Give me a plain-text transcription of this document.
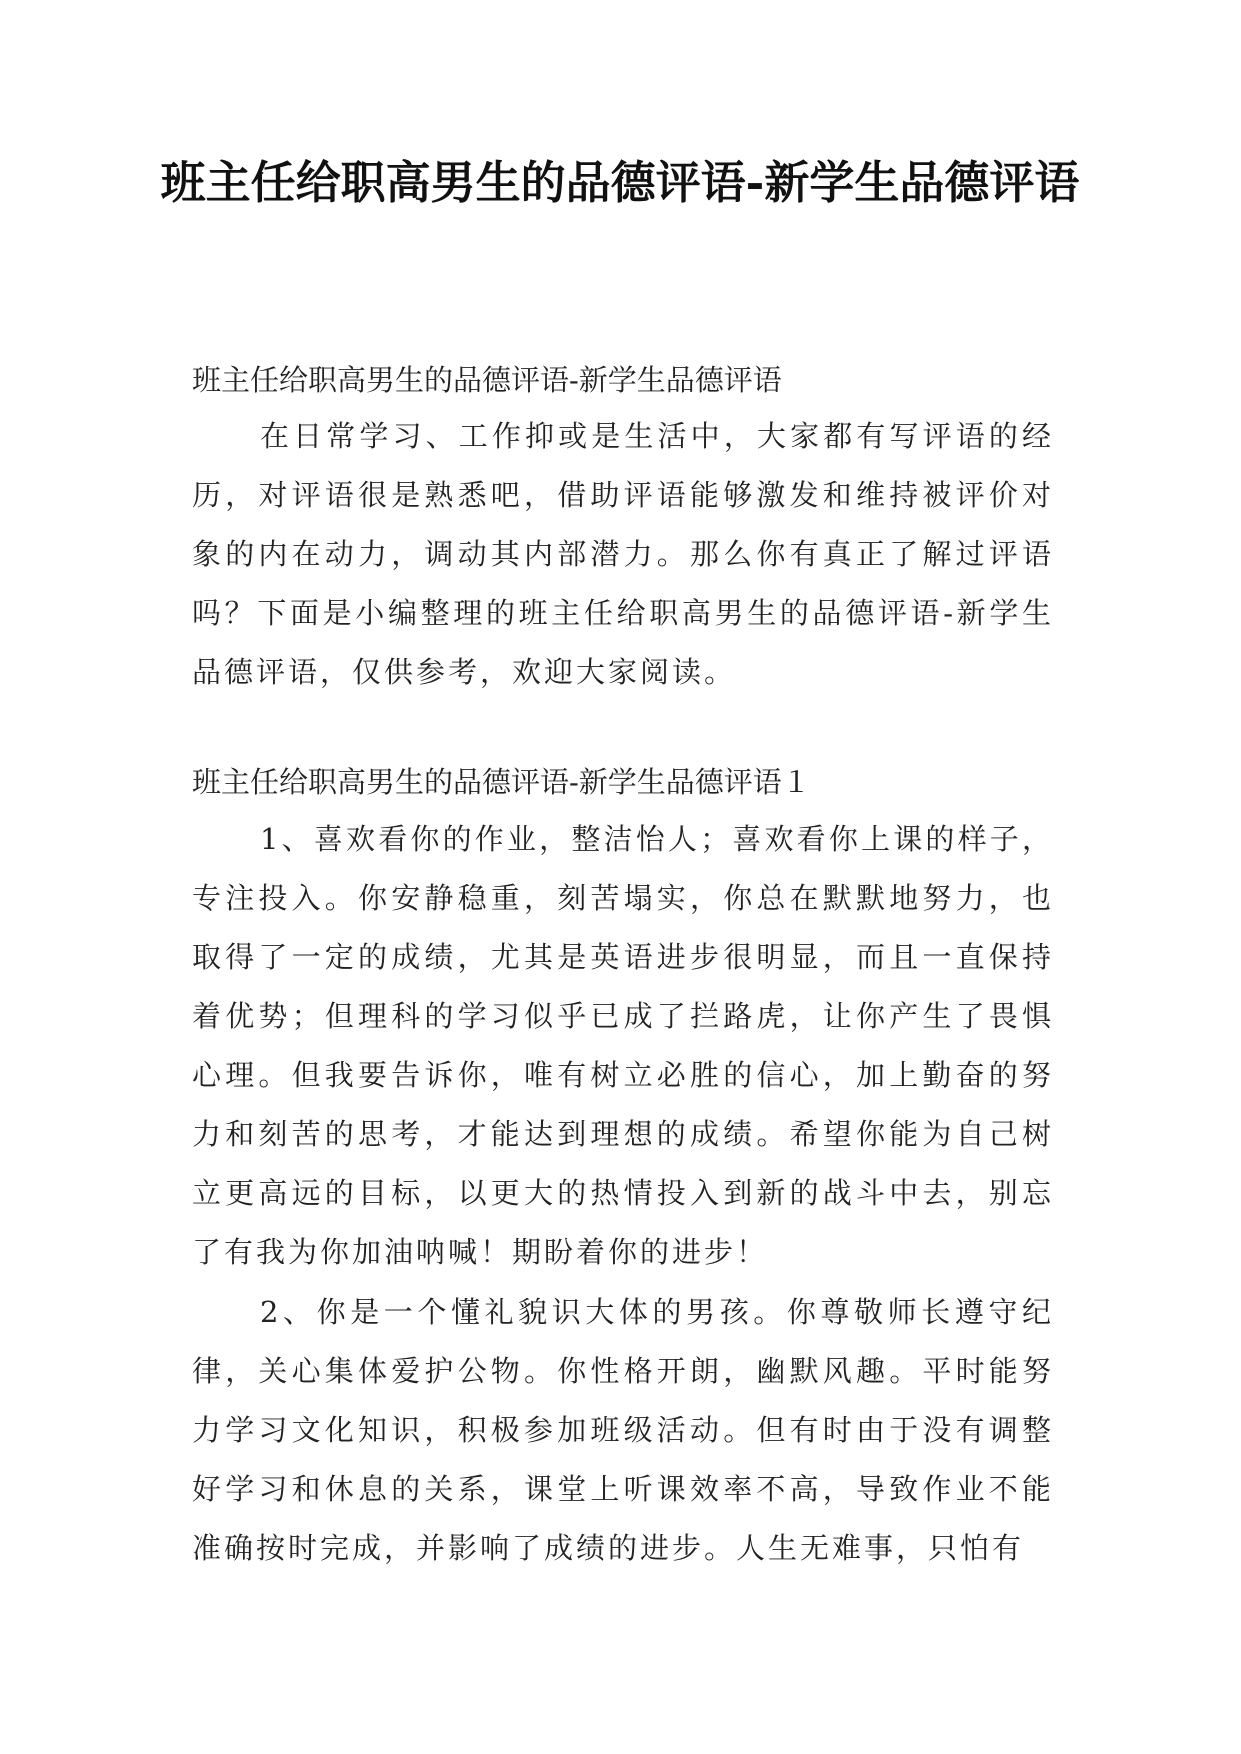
班主任给职高男生的品德评语-新学生品德评语

班主任给职高男生的品德评语-新学生品德评语

在日常学习、工作抑或是生活中，大家都有写评语的经历，对评语很是熟悉吧，借助评语能够激发和维持被评价对象的内在动力，调动其内部潜力。那么你有真正了解过评语吗？下面是小编整理的班主任给职高男生的品德评语-新学生品德评语，仅供参考，欢迎大家阅读。

班主任给职高男生的品德评语-新学生品德评语１

1、喜欢看你的作业，整洁怡人；喜欢看你上课的样子，专注投入。你安静稳重，刻苦塌实，你总在默默地努力，也取得了一定的成绩，尤其是英语进步很明显，而且一直保持着优势；但理科的学习似乎已成了拦路虎，让你产生了畏惧心理。但我要告诉你，唯有树立必胜的信心，加上勤奋的努力和刻苦的思考，才能达到理想的成绩。希望你能为自己树立更高远的目标，以更大的热情投入到新的战斗中去，别忘了有我为你加油呐喊！期盼着你的进步！

2、你是一个懂礼貌识大体的男孩。你尊敬师长遵守纪律，关心集体爱护公物。你性格开朗，幽默风趣。平时能努力学习文化知识，积极参加班级活动。但有时由于没有调整好学习和休息的关系，课堂上听课效率不高，导致作业不能准确按时完成，并影响了成绩的进步。人生无难事，只怕有
